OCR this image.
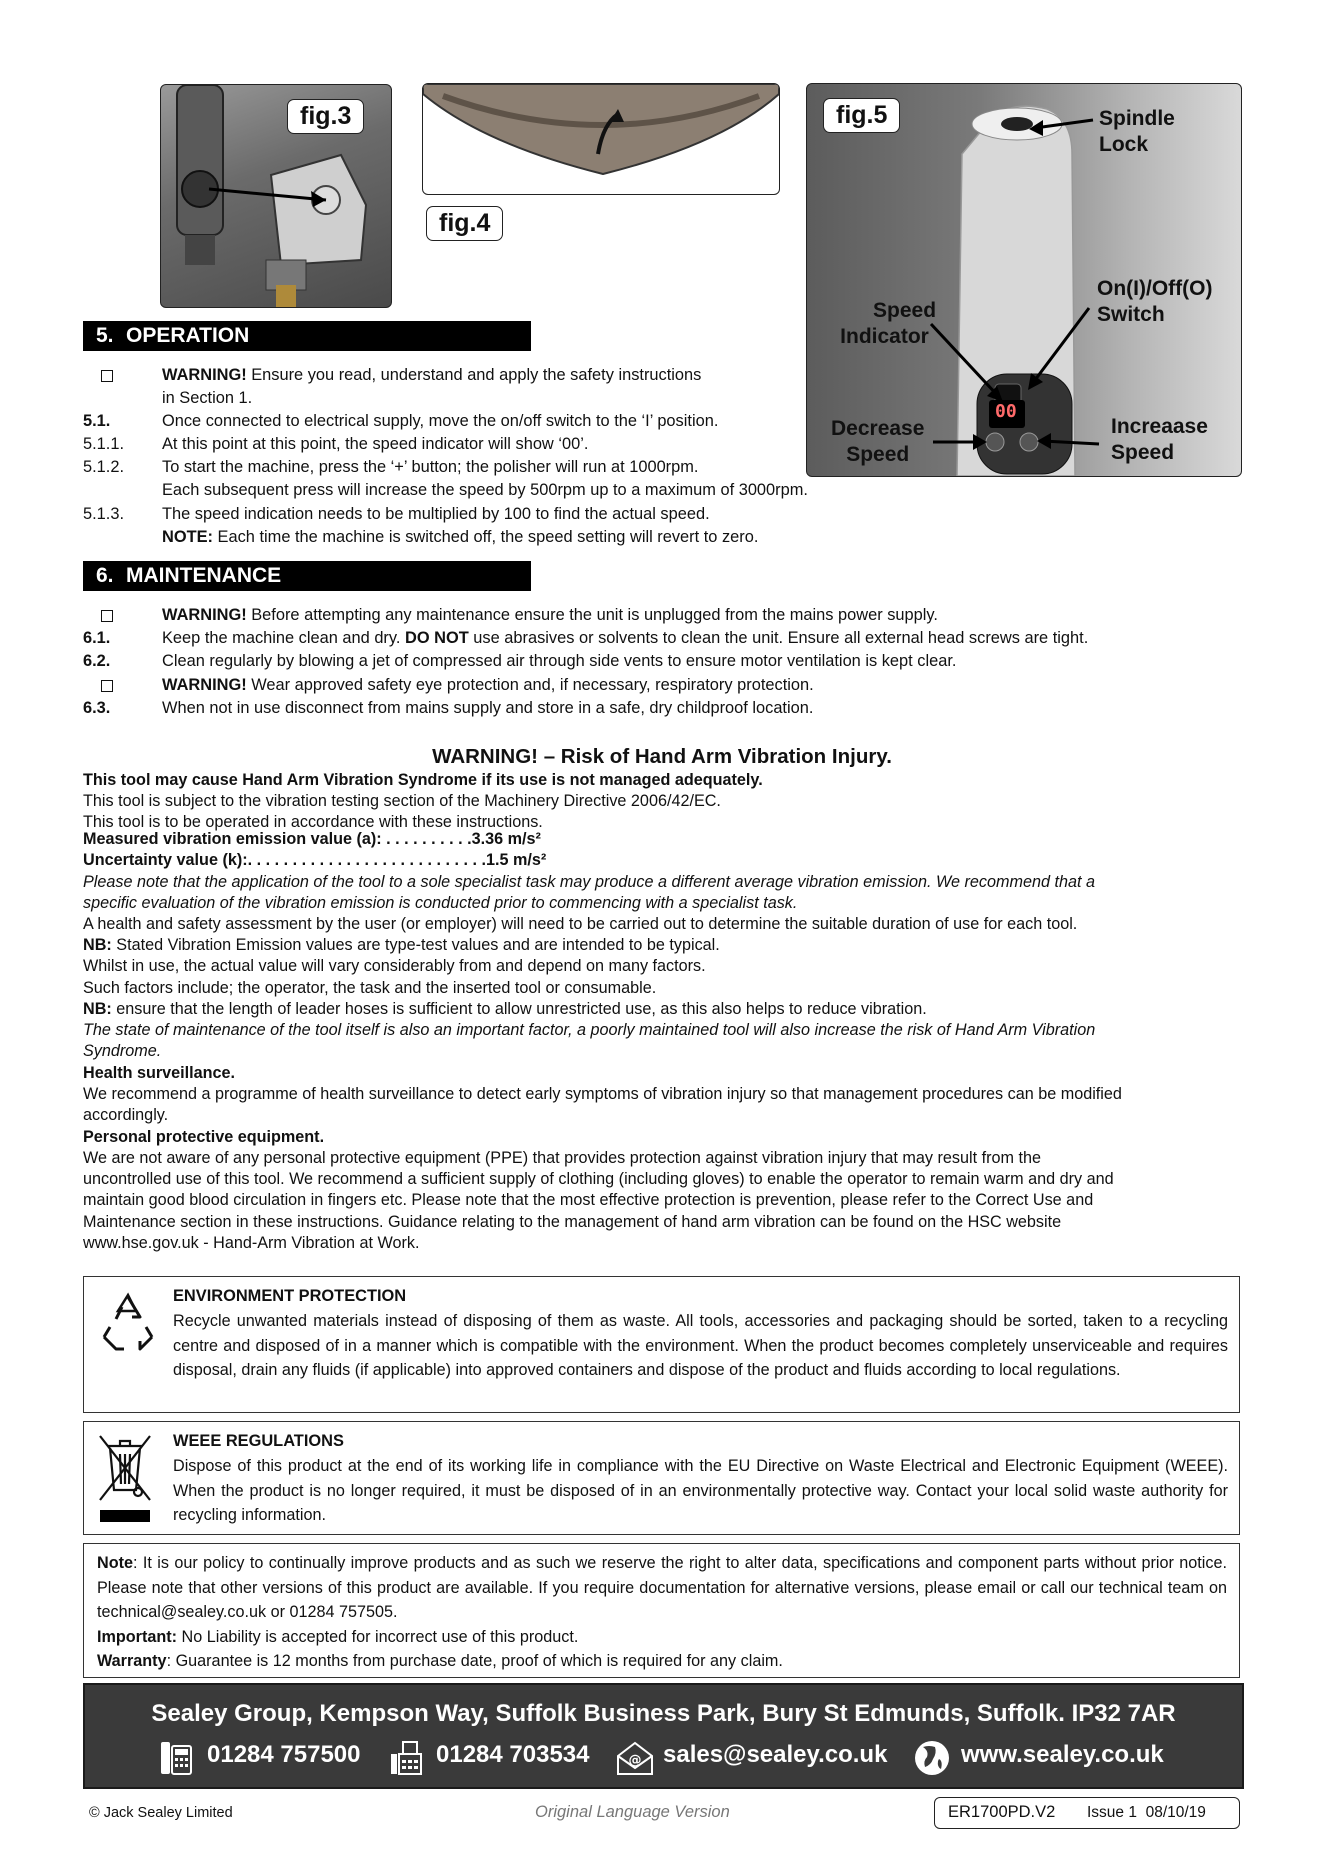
fig.3
fig.4
00
fig.5	Spindle
Lock
On(I)/Off(O)
Switch
Speed
Indicator
Decrease
Speed
Increaase
Speed
5. OPERATION
WARNING! Ensure you read, understand and apply the safety instructions
in Section 1.
5.1.	Once connected to electrical supply, move the on/off switch to the ‘I’ position.
5.1.1. At this point at this point, the speed indicator will show ‘00’.
5.1.2. To start the machine, press the ‘+’ button; the polisher will run at 1000rpm.
Each subsequent press will increase the speed by 500rpm up to a maximum of 3000rpm.
5.1.3. The speed indication needs to be multiplied by 100 to find the actual speed.
NOTE: Each time the machine is switched off, the speed setting will revert to zero.
6. MAINTENANCE
WARNING! Before attempting any maintenance ensure the unit is unplugged from the mains power supply.
6.1.	Keep the machine clean and dry. DO NOT use abrasives or solvents to clean the unit. Ensure all external head screws are tight.
6.2.	Clean regularly by blowing a jet of compressed air through side vents to ensure motor ventilation is kept clear.
WARNING! Wear approved safety eye protection and, if necessary, respiratory protection.
6.3.	When not in use disconnect from mains supply and store in a safe, dry childproof location.
WARNING! – Risk of Hand Arm Vibration Injury.
This tool may cause Hand Arm Vibration Syndrome if its use is not managed adequately.
This tool is subject to the vibration testing section of the Machinery Directive 2006/42/EC.
This tool is to be operated in accordance with these instructions.
Measured vibration emission value (a): . . . . . . . . . .3.36 m/s²
Uncertainty value (k):. . . . . . . . . . . . . . . . . . . . . . . . . . .1.5 m/s²
Please note that the application of the tool to a sole specialist task may produce a different average vibration emission. We recommend that a
specific evaluation of the vibration emission is conducted prior to commencing with a specialist task.
A health and safety assessment by the user (or employer) will need to be carried out to determine the suitable duration of use for each tool.
NB: Stated Vibration Emission values are type-test values and are intended to be typical.
Whilst in use, the actual value will vary considerably from and depend on many factors.
Such factors include; the operator, the task and the inserted tool or consumable.
NB: ensure that the length of leader hoses is sufficient to allow unrestricted use, as this also helps to reduce vibration.
The state of maintenance of the tool itself is also an important factor, a poorly maintained tool will also increase the risk of Hand Arm Vibration
Syndrome.
Health surveillance.
We recommend a programme of health surveillance to detect early symptoms of vibration injury so that management procedures can be modified
accordingly.
Personal protective equipment.
We are not aware of any personal protective equipment (PPE) that provides protection against vibration injury that may result from the
uncontrolled use of this tool. We recommend a sufficient supply of clothing (including gloves) to enable the operator to remain warm and dry and
maintain good blood circulation in fingers etc. Please note that the most effective protection is prevention, please refer to the Correct Use and
Maintenance section in these instructions. Guidance relating to the management of hand arm vibration can be found on the HSC website
www.hse.gov.uk - Hand-Arm Vibration at Work.
ENVIRONMENT PROTECTION
Recycle unwanted materials instead of disposing of them as waste. All tools, accessories and packaging should be sorted, taken to a recycling centre and disposed of in a manner which is compatible with the environment. When the product becomes completely unserviceable and requires disposal, drain any fluids (if applicable) into approved containers and dispose of the product and fluids according to local regulations.
WEEE REGULATIONS
Dispose of this product at the end of its working life in compliance with the EU Directive on Waste Electrical and Electronic Equipment (WEEE). When the product is no longer required, it must be disposed of in an environmentally protective way. Contact your local solid waste authority for recycling information.
Note: It is our policy to continually improve products and as such we reserve the right to alter data, specifications and component parts without prior notice. Please note that other versions of this product are available. If you require documentation for alternative versions, please email or call our technical team on technical@sealey.co.uk or 01284 757505.
Important: No Liability is accepted for incorrect use of this product.
Warranty: Guarantee is 12 months from purchase date, proof of which is required for any claim.
Sealey Group, Kempson Way, Suffolk Business Park, Bury St Edmunds, Suffolk. IP32 7AR
01284 757500	01284 703534	@ sales@sealey.co.uk	www.sealey.co.uk
© Jack Sealey Limited	Original Language Version	ER1700PD.V2 Issue 1  08/10/19
